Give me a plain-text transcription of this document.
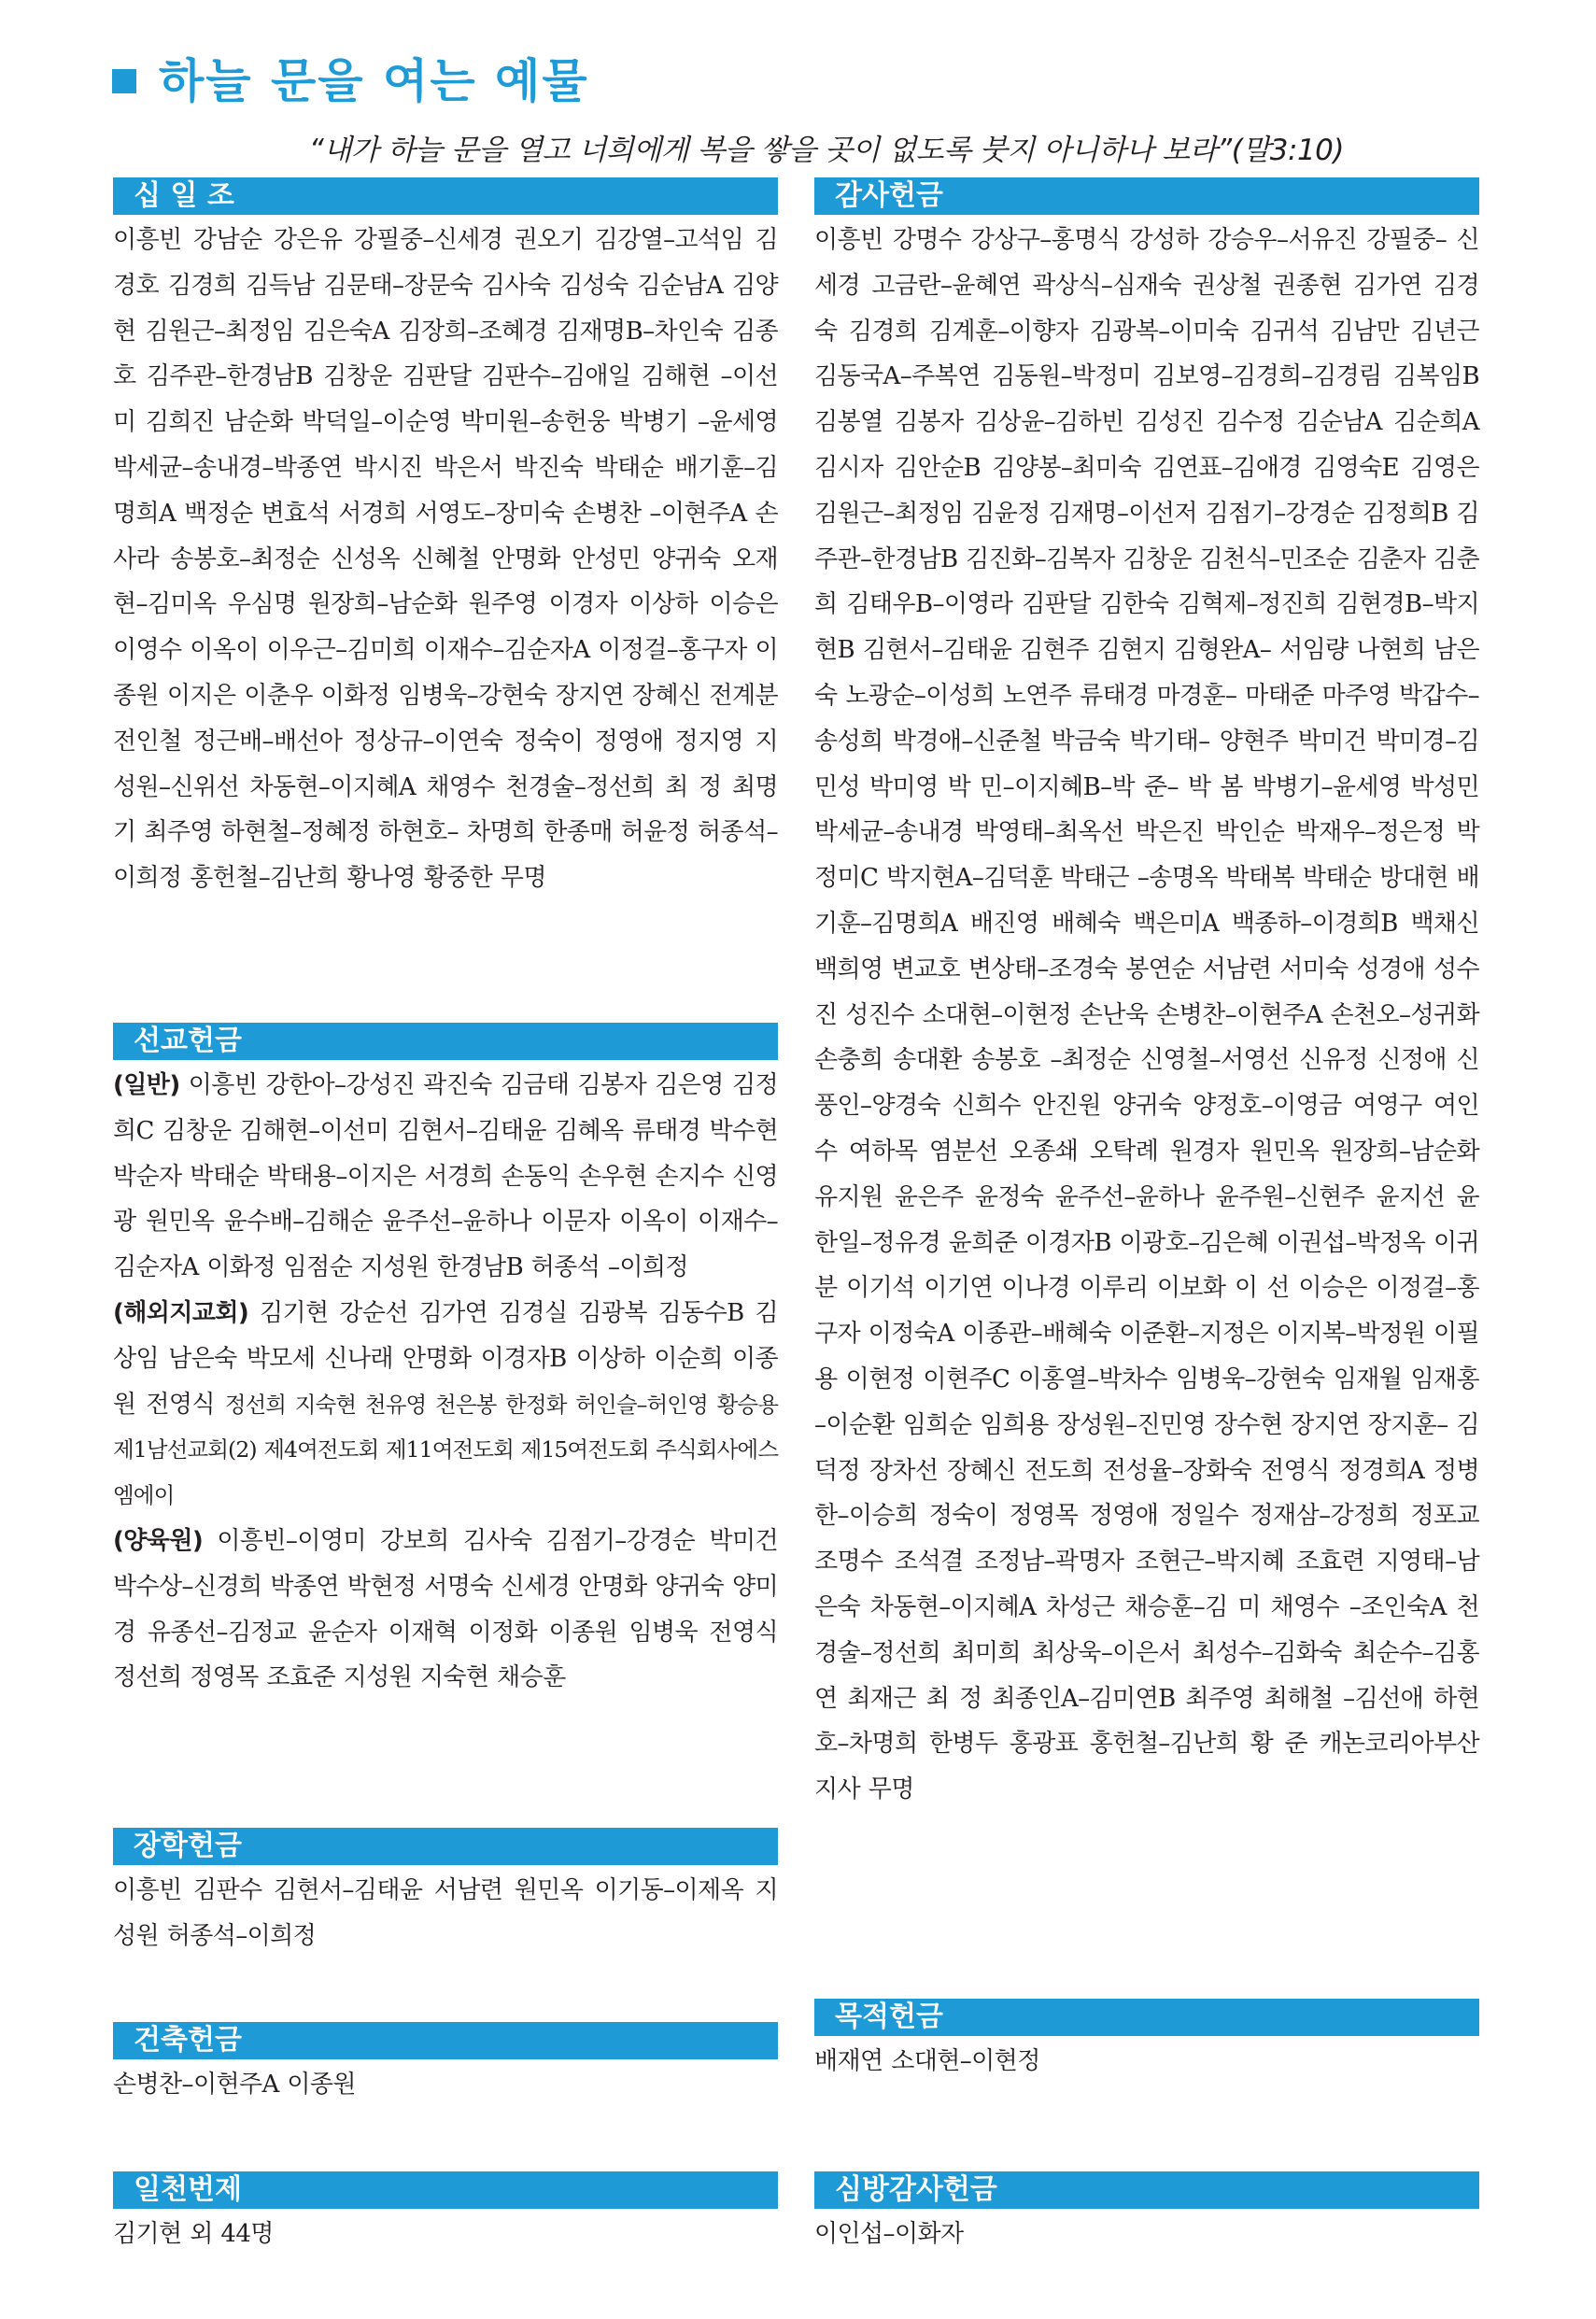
하늘 문을 여는 예물
“내가 하늘 문을 열고 너희에게 복을 쌓을 곳이 없도록 붓지 아니하나 보라”(말3:10)
십 일 조
이흥빈 강남순 강은유 강필중–신세경 권오기 김강열–고석임 김경호 김경희 김득남 김문태–장문숙 김사숙 김성숙 김순남A 김양현 김원근–최정임 김은숙A 김장희–조혜경 김재명B–차인숙 김종호 김주관–한경남B 김창운 김판달 김판수–김애일 김해현 –이선미 김희진 남순화 박덕일–이순영 박미원–송헌웅 박병기 –윤세영 박세균–송내경–박종연 박시진 박은서 박진숙 박태순 배기훈–김명희A 백정순 변효석 서경희 서영도–장미숙 손병찬 –이현주A 손사라 송봉호–최정순 신성옥 신혜철 안명화 안성민 양귀숙 오재현–김미옥 우심명 원장희–남순화 원주영 이경자 이상하 이승은 이영수 이옥이 이우근–김미희 이재수–김순자A 이정걸–홍구자 이종원 이지은 이춘우 이화정 임병욱–강현숙 장지연 장혜신 전계분 전인철 정근배–배선아 정상규–이연숙 정숙이 정영애 정지영 지성원–신위선 차동현–이지혜A 채영수 천경술–정선희 최 정 최명기 최주영 하현철–정혜정 하현호– 차명희 한종매 허윤정 허종석–이희정 홍헌철–김난희 황나영 황중한 무명
선교헌금
(일반) 이흥빈 강한아–강성진 곽진숙 김금태 김봉자 김은영 김정희C 김창운 김해현–이선미 김현서–김태윤 김혜옥 류태경 박수현 박순자 박태순 박태용–이지은 서경희 손동익 손우현 손지수 신영광 원민옥 윤수배–김해순 윤주선–윤하나 이문자 이옥이 이재수–김순자A 이화정 임점순 지성원 한경남B 허종석 –이희정
(해외지교회) 김기현 강순선 김가연 김경실 김광복 김동수B 김상임 남은숙 박모세 신나래 안명화 이경자B 이상하 이순희 이종원 전영식 정선희 지숙현 천유영 천은봉 한정화 허인슬–허인영 황승용 제1남선교회(2) 제4여전도회 제11여전도회 제15여전도회 주식회사에스엠에이
(양육원) 이흥빈–이영미 강보희 김사숙 김점기–강경순 박미건 박수상–신경희 박종연 박현정 서명숙 신세경 안명화 양귀숙 양미경 유종선–김정교 윤순자 이재혁 이정화 이종원 임병욱 전영식 정선희 정영목 조효준 지성원 지숙현 채승훈
장학헌금
이흥빈 김판수 김현서–김태윤 서남련 원민옥 이기동–이제옥 지성원 허종석–이희정
건축헌금
손병찬–이현주A 이종원
일천번제
김기현 외 44명
감사헌금
이흥빈 강명수 강상구–홍명식 강성하 강승우–서유진 강필중– 신세경 고금란–윤혜연 곽상식–심재숙 권상철 권종현 김가연 김경숙 김경희 김계훈–이향자 김광복–이미숙 김귀석 김남만 김년근 김동국A–주복연 김동원–박정미 김보영–김경희–김경림 김복임B 김봉열 김봉자 김상윤–김하빈 김성진 김수정 김순남A 김순희A 김시자 김안순B 김양봉–최미숙 김연표–김애경 김영숙E 김영은 김원근–최정임 김윤정 김재명–이선저 김점기–강경순 김정희B 김주관–한경남B 김진화–김복자 김창운 김천식–민조순 김춘자 김춘희 김태우B–이영라 김판달 김한숙 김혁제–정진희 김현경B–박지현B 김현서–김태윤 김현주 김현지 김형완A– 서임량 나현희 남은숙 노광순–이성희 노연주 류태경 마경훈– 마태준 마주영 박갑수–송성희 박경애–신준철 박금숙 박기태– 양현주 박미건 박미경–김민성 박미영 박 민–이지혜B–박 준– 박 봄 박병기–윤세영 박성민 박세균–송내경 박영태–최옥선 박은진 박인순 박재우–정은정 박정미C 박지현A–김덕훈 박태근 –송명옥 박태복 박태순 방대현 배기훈–김명희A 배진영 배혜숙 백은미A 백종하–이경희B 백채신 백희영 변교호 변상태–조경숙 봉연순 서남련 서미숙 성경애 성수진 성진수 소대현–이현정 손난욱 손병찬–이현주A 손천오–성귀화 손충희 송대환 송봉호 –최정순 신영철–서영선 신유정 신정애 신풍인–양경숙 신희수 안진원 양귀숙 양정호–이영금 여영구 여인수 여하목 염분선 오종쇄 오탁례 원경자 원민옥 원장희–남순화 유지원 윤은주 윤정숙 윤주선–윤하나 윤주원–신현주 윤지선 윤한일–정유경 윤희준 이경자B 이광호–김은혜 이권섭–박정옥 이귀분 이기석 이기연 이나경 이루리 이보화 이 선 이승은 이정걸–홍구자 이정숙A 이종관–배혜숙 이준환–지정은 이지복–박정원 이필용 이현정 이현주C 이홍열–박차수 임병욱–강현숙 임재월 임재홍 –이순환 임희순 임희용 장성원–진민영 장수현 장지연 장지훈– 김덕정 장차선 장혜신 전도희 전성율–장화숙 전영식 정경희A 정병한–이승희 정숙이 정영목 정영애 정일수 정재삼–강정희 정포교 조명수 조석결 조정남–곽명자 조현근–박지혜 조효련 지영태–남은숙 차동현–이지혜A 차성근 채승훈–김 미 채영수 –조인숙A 천경술–정선희 최미희 최상욱–이은서 최성수–김화숙 최순수–김홍연 최재근 최 정 최종인A–김미연B 최주영 최해철 –김선애 하현호–차명희 한병두 홍광표 홍헌철–김난희 황 준 캐논코리아부산지사 무명
목적헌금
배재연 소대현–이현정
심방감사헌금
이인섭–이화자
